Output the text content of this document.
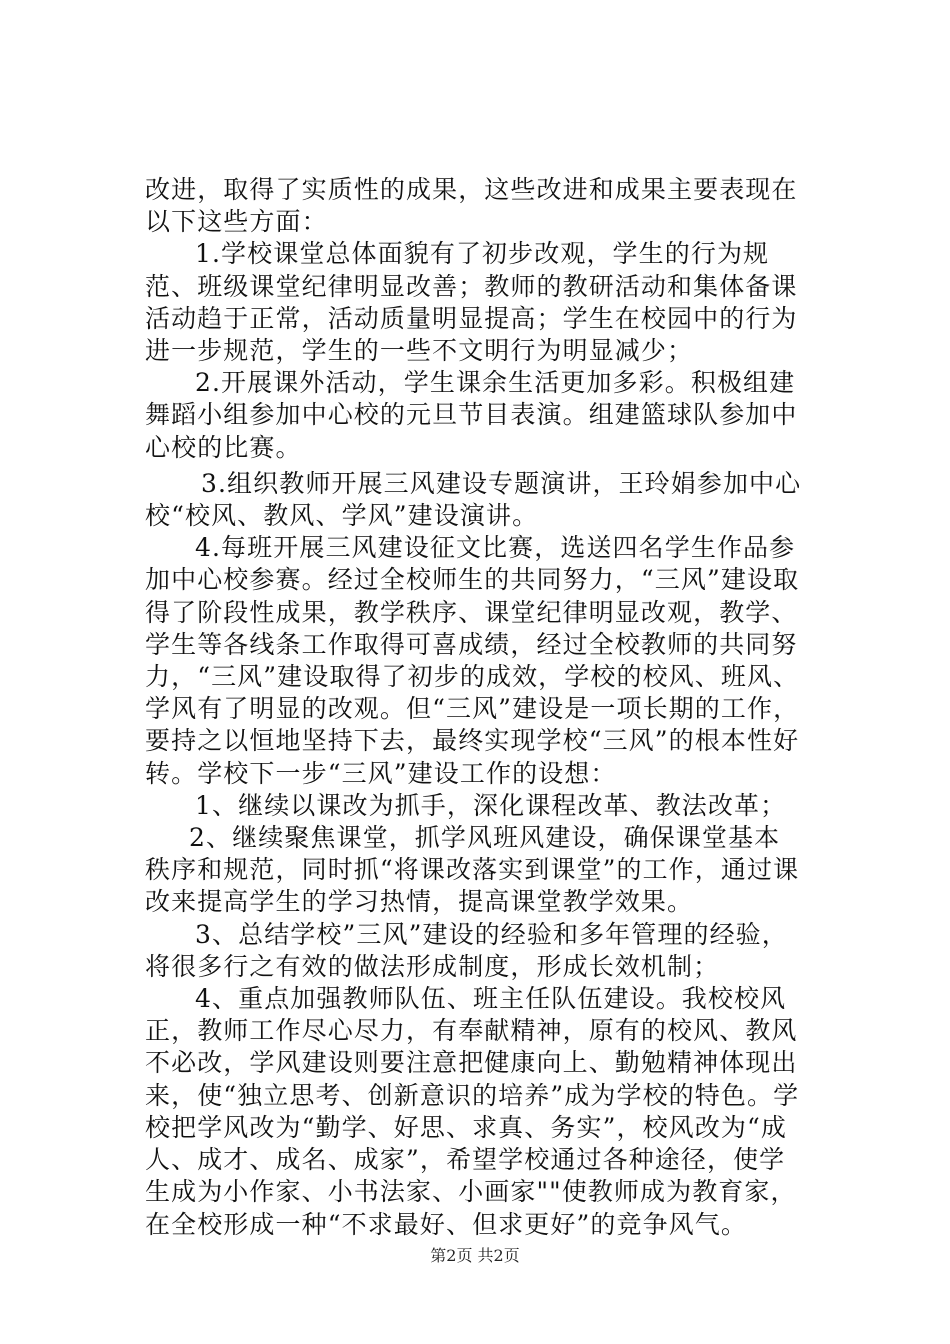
改进，取得了实质性的成果，这些改进和成果主要表现在以下这些方面：

1.学校课堂总体面貌有了初步改观，学生的行为规范、班级课堂纪律明显改善；教师的教研活动和集体备课活动趋于正常，活动质量明显提高；学生在校园中的行为进一步规范，学生的一些不文明行为明显减少；

2.开展课外活动，学生课余生活更加多彩。积极组建舞蹈小组参加中心校的元旦节目表演。组建篮球队参加中心校的比赛。

3.组织教师开展三风建设专题演讲，王玲娟参加中心校“校风、教风、学风”建设演讲。

4.每班开展三风建设征文比赛，选送四名学生作品参加中心校参赛。经过全校师生的共同努力，“三风”建设取得了阶段性成果，教学秩序、课堂纪律明显改观，教学、学生等各线条工作取得可喜成绩，经过全校教师的共同努力，“三风”建设取得了初步的成效，学校的校风、班风、学风有了明显的改观。但“三风”建设是一项长期的工作，要持之以恒地坚持下去，最终实现学校“三风”的根本性好转。学校下一步“三风”建设工作的设想：

1、继续以课改为抓手，深化课程改革、教法改革；

2、继续聚焦课堂，抓学风班风建设，确保课堂基本秩序和规范，同时抓“将课改落实到课堂”的工作，通过课改来提高学生的学习热情，提高课堂教学效果。

3、总结学校”三风”建设的经验和多年管理的经验，将很多行之有效的做法形成制度，形成长效机制；

4、重点加强教师队伍、班主任队伍建设。我校校风正，教师工作尽心尽力，有奉献精神，原有的校风、教风不必改，学风建设则要注意把健康向上、勤勉精神体现出来，使“独立思考、创新意识的培养”成为学校的特色。学校把学风改为“勤学、好思、求真、务实”，校风改为“成人、成才、成名、成家”，希望学校通过各种途径，使学生成为小作家、小书法家、小画家""使教师成为教育家，在全校形成一种“不求最好、但求更好”的竞争风气。

第2页 共2页
